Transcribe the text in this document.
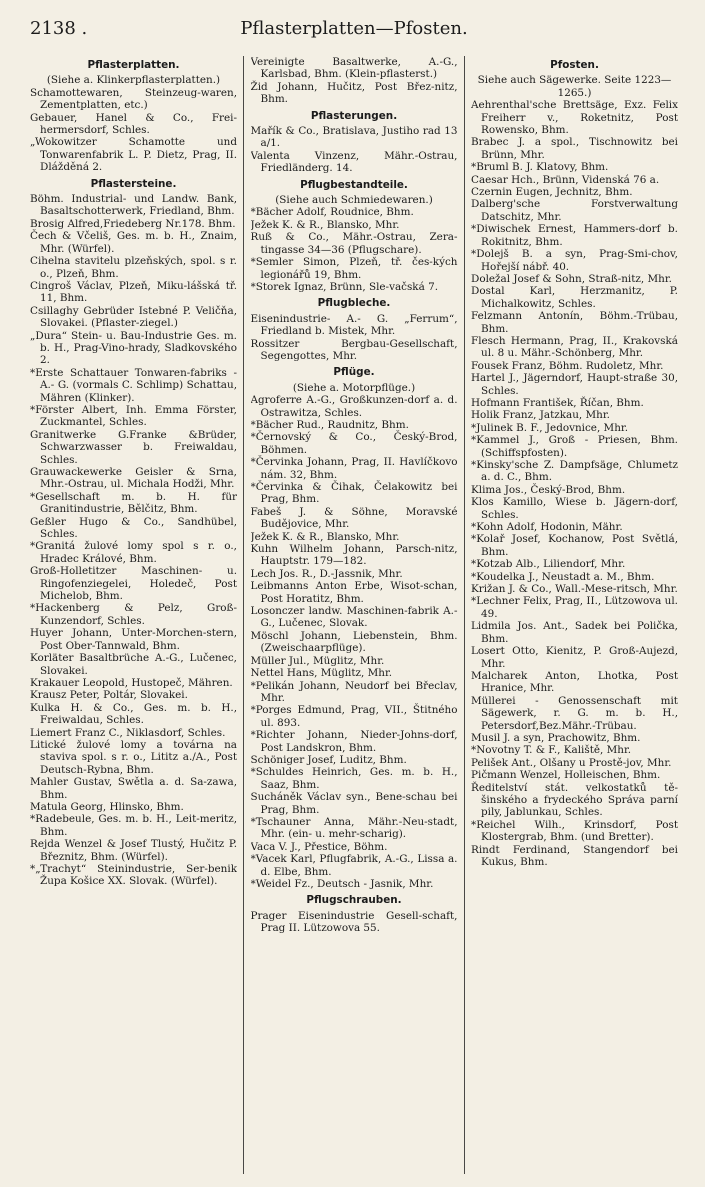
2138 .	Pflasterplatten—Pfosten.
Pflasterplatten.

(Siehe a. Klinkerpflasterplatten.)

Schamottewaren, Steinzeug-waren, Zementplatten, etc.)

Gebauer, Hanel & Co., Frei-hermersdorf, Schles.

„Wokowitzer Schamotte und Tonwarenfabrik L. P. Dietz, Prag, II. Dlážděná 2.

Pflastersteine.

Böhm. Industrial- und Landw. Bank, Basaltschotterwerk, Friedland, Bhm.

Brosig Alfred,Friedeberg Nr.178. Bhm.

Čech & Včeliš, Ges. m. b. H., Znaim, Mhr. (Würfel).

Cihelna stavitelu plzeňských, spol. s r. o., Plzeň, Bhm.

Cingroš Václav, Plzeň, Miku-lášská tř. 11, Bhm.

Csillaghy Gebrüder Istebné P. Veličňa, Slovakei. (Pflaster-ziegel.)

„Dura“ Stein- u. Bau-Industrie Ges. m. b. H., Prag-Vino-hrady, Sladkovského 2.

*Erste Schattauer Tonwaren-fabriks - A.- G. (vormals C. Schlimp) Schattau, Mähren (Klinker).

*Förster Albert, Inh. Emma Förster, Zuckmantel, Schles.

Granitwerke G.Franke &Brüder, Schwarzwasser b. Freiwaldau, Schles.

Grauwackewerke Geisler & Srna, Mhr.-Ostrau, ul. Michala Hodži, Mhr.

*Gesellschaft m. b. H. für Granitindustrie, Bělčitz, Bhm.

Geßler Hugo & Co., Sandhübel, Schles.

*Granitá žulové lomy spol s r. o., Hradec Králové, Bhm.

Groß-Holletitzer Maschinen- u. Ringofenziegelei, Holedeč, Post Michelob, Bhm.

*Hackenberg & Pelz, Groß-Kunzendorf, Schles.

Huyer Johann, Unter-Morchen-stern, Post Ober-Tannwald, Bhm.

Korläter Basaltbrüche A.-G., Lučenec, Slovakei.

Krakauer Leopold, Hustopeč, Mähren.

Krausz Peter, Poltár, Slovakei.

Kulka H. & Co., Ges. m. b. H., Freiwaldau, Schles.

Liemert Franz C., Niklasdorf, Schles.

Litické žulové lomy a továrna na staviva spol. s r. o., Lititz a./A., Post Deutsch-Rybna, Bhm.

Mahler Gustav, Swětla a. d. Sa-zawa, Bhm.

Matula Georg, Hlinsko, Bhm.

*Radebeule, Ges. m. b. H., Leit-meritz, Bhm.

Rejda Wenzel & Josef Tlustý, Hučitz P. Březnitz, Bhm. (Würfel).

*„Trachyt“ Steinindustrie, Ser-benik Župa Košice XX. Slovak. (Würfel).

Vereinigte Basaltwerke, A.-G., Karlsbad, Bhm. (Klein-pflasterst.)

Žid Johann, Hučitz, Post Břez-nitz, Bhm.

Pflasterungen.

Mařík & Co., Bratislava, Justiho rad 13 a/1.

Valenta Vinzenz, Mähr.-Ostrau, Friedländerg. 14.

Pflugbestandteile.

(Siehe auch Schmiedewaren.)

*Bächer Adolf, Roudnice, Bhm.

Ježek K. & R., Blansko, Mhr.

Ruß & Co., Mähr.-Ostrau, Zera-tingasse 34—36 (Pflugschare).

*Semler Simon, Plzeň, tř. čes-kých legionářů 19, Bhm.

*Storek Ignaz, Brünn, Sle-vačská 7.

Pflugbleche.

Eisenindustrie- A.- G. „Ferrum“, Friedland b. Mistek, Mhr.

Rossitzer Bergbau-Gesellschaft, Segengottes, Mhr.

Pflüge.

(Siehe a. Motorpflüge.)

Agroferre A.-G., Großkunzen-dorf a. d. Ostrawitza, Schles.

*Bächer Rud., Raudnitz, Bhm.

*Černovský & Co., Český-Brod, Böhmen.

*Červinka Johann, Prag, II. Havlíčkovo nám. 32, Bhm.

*Červinka & Čihak, Čelakowitz bei Prag, Bhm.

Fabeš J. & Söhne, Moravské Budějovice, Mhr.

Ježek K. & R., Blansko, Mhr.

Kuhn Wilhelm Johann, Parsch-nitz, Hauptstr. 179—182.

Lech Jos. R., D.-Jassnik, Mhr.

Leibmanns Anton Erbe, Wisot-schan, Post Horatitz, Bhm.

Losonczer landw. Maschinen-fabrik A.-G., Lučenec, Slovak.

Möschl Johann, Liebenstein, Bhm. (Zweischaarpflüge).

Müller Jul., Müglitz, Mhr.

Nettel Hans, Müglitz, Mhr.

*Pelikán Johann, Neudorf bei Břeclav, Mhr.

*Porges Edmund, Prag, VII., Štitného ul. 893.

*Richter Johann, Nieder-Johns-dorf, Post Landskron, Bhm.

Schöniger Josef, Luditz, Bhm.

*Schuldes Heinrich, Ges. m. b. H., Saaz, Bhm.

Sucháněk Václav syn., Bene-schau bei Prag, Bhm.

*Tschauner Anna, Mähr.-Neu-stadt, Mhr. (ein- u. mehr-scharig).

Vaca V. J., Přestice, Böhm.

*Vacek Karl, Pflugfabrik, A.-G., Lissa a. d. Elbe, Bhm.

*Weidel Fz., Deutsch - Jasnik, Mhr.

Pflugschrauben.

Prager Eisenindustrie Gesell-schaft, Prag II. Lützowova 55.

Pfosten.

Siehe auch Sägewerke. Seite 1223—1265.)

Aehrenthal'sche Brettsäge, Exz. Felix Freiherr v., Roketnitz, Post Rowensko, Bhm.

Brabec J. a spol., Tischnowitz bei Brünn, Mhr.

*Bruml B. J. Klatovy, Bhm.

Caesar Hch., Brünn, Videnská 76 a.

Czernin Eugen, Jechnitz, Bhm.

Dalberg'sche Forstverwaltung Datschitz, Mhr.

*Diwischek Ernest, Hammers-dorf b. Rokitnitz, Bhm.

*Dolejš B. a syn, Prag-Smi-chov, Hořejší nábř. 40.

Doležal Josef & Sohn, Straß-nitz, Mhr.

Dostal Karl, Herzmanitz, P. Michalkowitz, Schles.

Felzmann Antonín, Böhm.-Trübau, Bhm.

Flesch Hermann, Prag, II., Krakovská ul. 8 u. Mähr.-Schönberg, Mhr.

Fousek Franz, Böhm. Rudoletz, Mhr.

Hartel J., Jägerndorf, Haupt-straße 30, Schles.

Hofmann František, Říčan, Bhm.

Holik Franz, Jatzkau, Mhr.

*Julinek B. F., Jedovnice, Mhr.

*Kammel J., Groß - Priesen, Bhm. (Schiffspfosten).

*Kinsky'sche Z. Dampfsäge, Chlumetz a. d. C., Bhm.

Klima Jos., Český-Brod, Bhm.

Klos Kamillo, Wiese b. Jägern-dorf, Schles.

*Kohn Adolf, Hodonin, Mähr.

*Kolař Josef, Kochanow, Post Světlá, Bhm.

*Kotzab Alb., Liliendorf, Mhr.

*Koudelka J., Neustadt a. M., Bhm.

Križan J. & Co., Wall.-Mese-ritsch, Mhr.

*Lechner Felix, Prag, II., Lützowova ul. 49.

Lidmila Jos. Ant., Sadek bei Polička, Bhm.

Losert Otto, Kienitz, P. Groß-Aujezd, Mhr.

Malcharek Anton, Lhotka, Post Hranice, Mhr.

Müllerei - Genossenschaft mit Sägewerk, r. G. m. b. H., Petersdorf,Bez.Mähr.-Trübau.

Musil J. a syn, Prachowitz, Bhm.

*Novotny T. & F., Kaliště, Mhr.

Pelišek Ant., Olšany u Prostě-jov, Mhr.

Pičmann Wenzel, Holleischen, Bhm.

Ředitelství stát. velkostatků tě-šinského a frydeckého Správa parní pily, Jablunkau, Schles.

*Reichel Wilh., Krinsdorf, Post Klostergrab, Bhm. (und Bretter).

Rindt Ferdinand, Stangendorf bei Kukus, Bhm.
